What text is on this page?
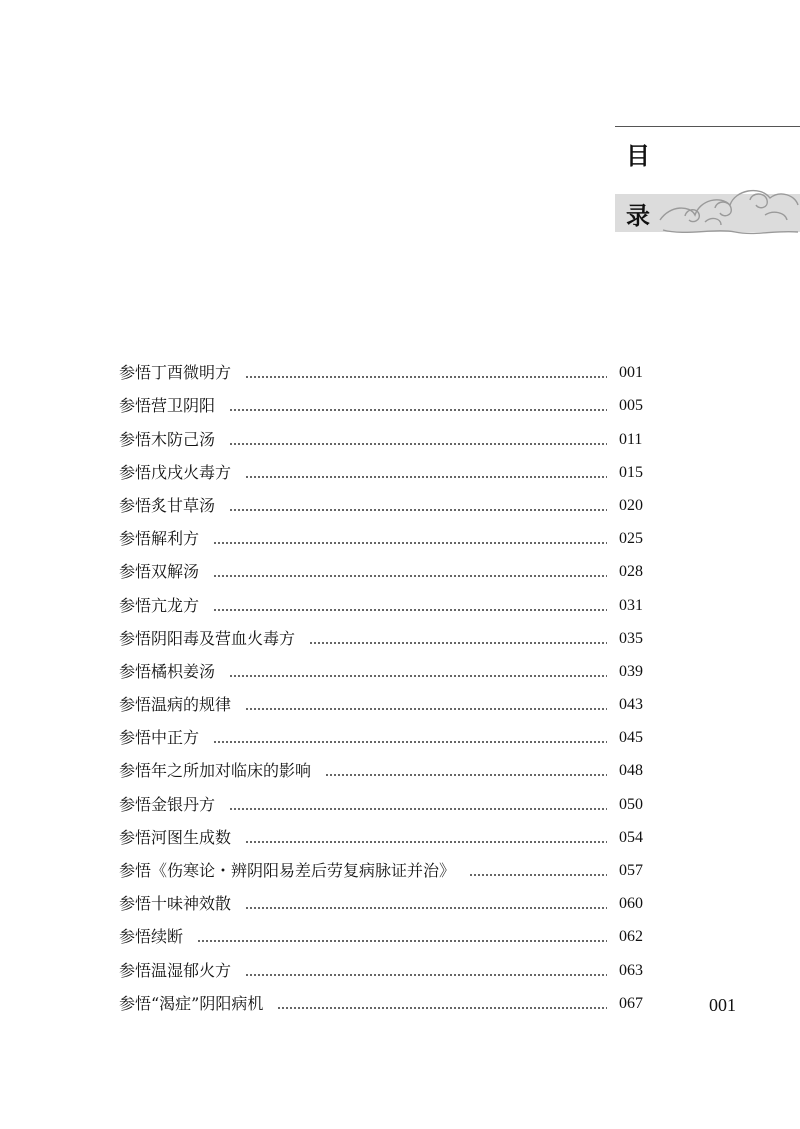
目
录
参悟丁酉微明方	001
参悟营卫阴阳	005
参悟木防己汤	011
参悟戊戌火毒方	015
参悟炙甘草汤	020
参悟解利方	025
参悟双解汤	028
参悟亢龙方	031
参悟阴阳毒及营血火毒方	035
参悟橘枳姜汤	039
参悟温病的规律	043
参悟中正方	045
参悟年之所加对临床的影响	048
参悟金银丹方	050
参悟河图生成数	054
参悟《伤寒论・辨阴阳易差后劳复病脉证并治》	057
参悟十味神效散	060
参悟续断	062
参悟温湿郁火方	063
参悟“渴症”阴阳病机	067	001
